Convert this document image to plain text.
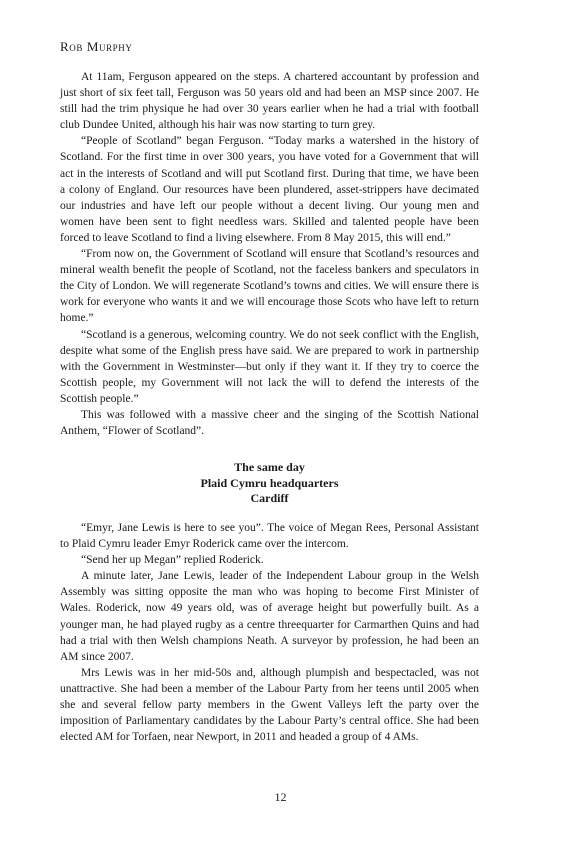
Rob Murphy

At 11am, Ferguson appeared on the steps. A chartered accountant by profession and just short of six feet tall, Ferguson was 50 years old and had been an MSP since 2007. He still had the trim physique he had over 30 years earlier when he had a trial with football club Dundee United, although his hair was now starting to turn grey.

“People of Scotland” began Ferguson. “Today marks a watershed in the history of Scotland. For the first time in over 300 years, you have voted for a Government that will act in the interests of Scotland and will put Scotland first. During that time, we have been a colony of England. Our resources have been plundered, asset-strippers have decimated our industries and have left our people without a decent living. Our young men and women have been sent to fight needless wars. Skilled and talented people have been forced to leave Scotland to find a living elsewhere. From 8 May 2015, this will end.”

“From now on, the Government of Scotland will ensure that Scotland’s resources and mineral wealth benefit the people of Scotland, not the faceless bankers and speculators in the City of London. We will regenerate Scotland’s towns and cities. We will ensure there is work for everyone who wants it and we will encourage those Scots who have left to return home.”

“Scotland is a generous, welcoming country. We do not seek conflict with the English, despite what some of the English press have said. We are prepared to work in partnership with the Government in Westminster—but only if they want it. If they try to coerce the Scottish people, my Government will not lack the will to defend the interests of the Scottish people.”

This was followed with a massive cheer and the singing of the Scottish National Anthem, “Flower of Scotland”.

The same day
Plaid Cymru headquarters
Cardiff

“Emyr, Jane Lewis is here to see you”. The voice of Megan Rees, Personal Assistant to Plaid Cymru leader Emyr Roderick came over the intercom.

“Send her up Megan” replied Roderick.

A minute later, Jane Lewis, leader of the Independent Labour group in the Welsh Assembly was sitting opposite the man who was hoping to become First Minister of Wales. Roderick, now 49 years old, was of average height but powerfully built. As a younger man, he had played rugby as a centre threequarter for Carmarthen Quins and had had a trial with then Welsh champions Neath. A surveyor by profession, he had been an AM since 2007.

Mrs Lewis was in her mid-50s and, although plumpish and bespectacled, was not unattractive. She had been a member of the Labour Party from her teens until 2005 when she and several fellow party members in the Gwent Valleys left the party over the imposition of Parliamentary candidates by the Labour Party’s central office. She had been elected AM for Torfaen, near Newport, in 2011 and headed a group of 4 AMs.

12
